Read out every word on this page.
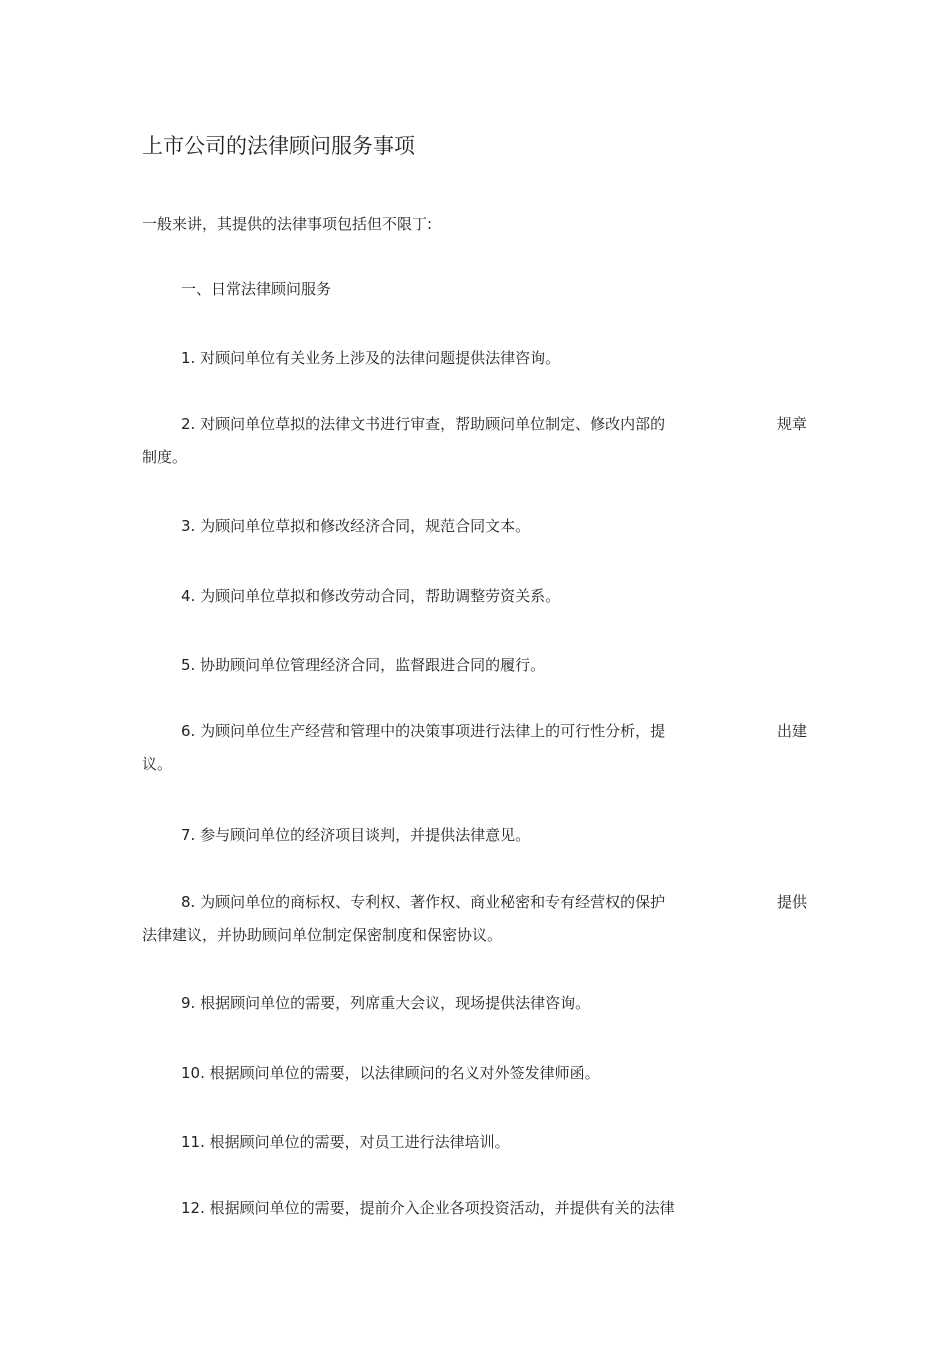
上市公司的法律顾问服务事项
一般来讲，其提供的法律事项包括但不限丁:
一、日常法律顾问服务
1. 对顾问单位有关业务上涉及的法律问题提供法律咨询。
2. 对顾问单位草拟的法律文书进行审查，帮助顾问单位制定、修改内部的	规章
制度。
3. 为顾问单位草拟和修改经济合同，规范合同文本。
4. 为顾问单位草拟和修改劳动合同，帮助调整劳资关系。
5. 协助顾问单位管理经济合同，监督跟进合同的履行。
6. 为顾问单位生产经营和管理中的决策事项进行法律上的可行性分析，提	出建
议。
7. 参与顾问单位的经济项目谈判，并提供法律意见。
8. 为顾问单位的商标权、专利权、著作权、商业秘密和专有经营权的保护	提供
法律建议，并协助顾问单位制定保密制度和保密协议。
9. 根据顾问单位的需要，列席重大会议，现场提供法律咨询。
10. 根据顾问单位的需要，以法律顾问的名义对外签发律师函。
11. 根据顾问单位的需要，对员工进行法律培训。
12. 根据顾问单位的需要，提前介入企业各项投资活动，并提供有关的法律
